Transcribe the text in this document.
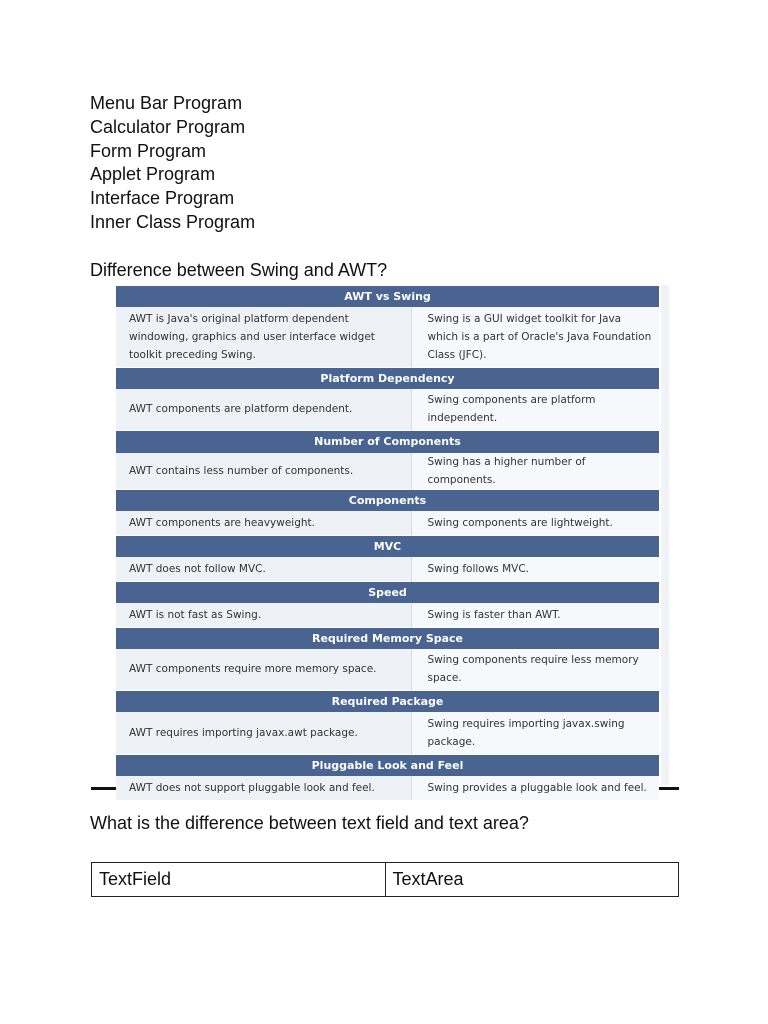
Menu Bar Program
Calculator Program
Form Program
Applet Program
Interface Program
Inner Class Program

Difference between Swing and AWT?

AWT vs Swing	
AWT is Java's original platform dependent windowing, graphics and user interface widget toolkit preceding Swing.	Swing is a GUI widget toolkit for Java which is a part of Oracle's Java Foundation Class (JFC).
Platform Dependency	
AWT components are platform dependent.	Swing components are platform independent.
Number of Components	
AWT contains less number of components.	Swing has a higher number of components.
Components	
AWT components are heavyweight.	Swing components are lightweight.
MVC	
AWT does not follow MVC.	Swing follows MVC.
Speed	
AWT is not fast as Swing.	Swing is faster than AWT.
Required Memory Space	
AWT components require more memory space.	Swing components require less memory space.
Required Package	
AWT requires importing javax.awt package.	Swing requires importing javax.swing package.
Pluggable Look and Feel	
AWT does not support pluggable look and feel.	Swing provides a pluggable look and feel.

What is the difference between text field and text area?

TextField	TextArea
